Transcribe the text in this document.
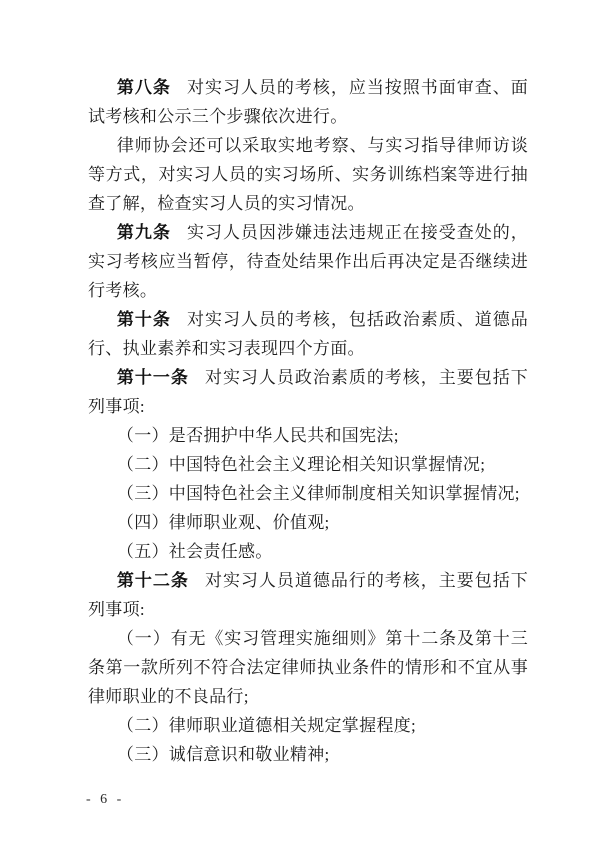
第八条 对实习人员的考核，应当按照书面审查、面试考核和公示三个步骤依次进行。

律师协会还可以采取实地考察、与实习指导律师访谈等方式，对实习人员的实习场所、实务训练档案等进行抽查了解，检查实习人员的实习情况。

第九条 实习人员因涉嫌违法违规正在接受查处的，实习考核应当暂停，待查处结果作出后再决定是否继续进行考核。

第十条 对实习人员的考核，包括政治素质、道德品行、执业素养和实习表现四个方面。

第十一条 对实习人员政治素质的考核，主要包括下列事项:

（一）是否拥护中华人民共和国宪法;

（二）中国特色社会主义理论相关知识掌握情况;

（三）中国特色社会主义律师制度相关知识掌握情况;

（四）律师职业观、价值观;

（五）社会责任感。

第十二条 对实习人员道德品行的考核，主要包括下列事项:

（一）有无《实习管理实施细则》第十二条及第十三条第一款所列不符合法定律师执业条件的情形和不宜从事律师职业的不良品行;

（二）律师职业道德相关规定掌握程度;

（三）诚信意识和敬业精神;

- 6 -
